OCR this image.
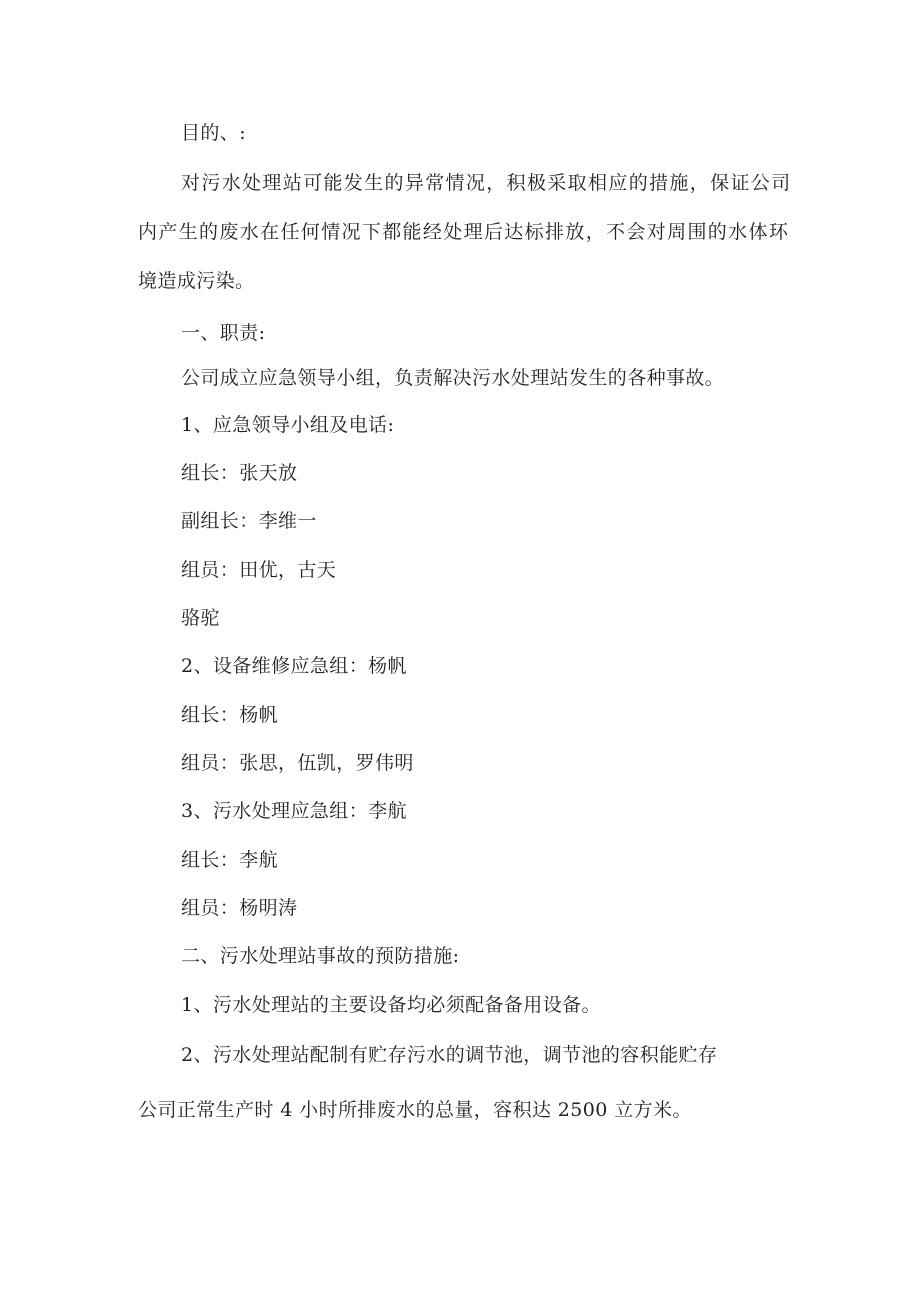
目的、:
对污水处理站可能发生的异常情况，积极采取相应的措施，保证公司
内产生的废水在任何情况下都能经处理后达标排放，不会对周围的水体环
境造成污染。
一、职责:
公司成立应急领导小组，负责解决污水处理站发生的各种事故。
1、应急领导小组及电话:
组长：张天放
副组长：李维一
组员：田优，古天
骆驼
2、设备维修应急组：杨帆
组长：杨帆
组员：张思，伍凯，罗伟明
3、污水处理应急组：李航
组长：李航
组员：杨明涛
二、污水处理站事故的预防措施:
1、污水处理站的主要设备均必须配备备用设备。
2、污水处理站配制有贮存污水的调节池，调节池的容积能贮存
公司正常生产时 4 小时所排废水的总量，容积达 2500 立方米。
